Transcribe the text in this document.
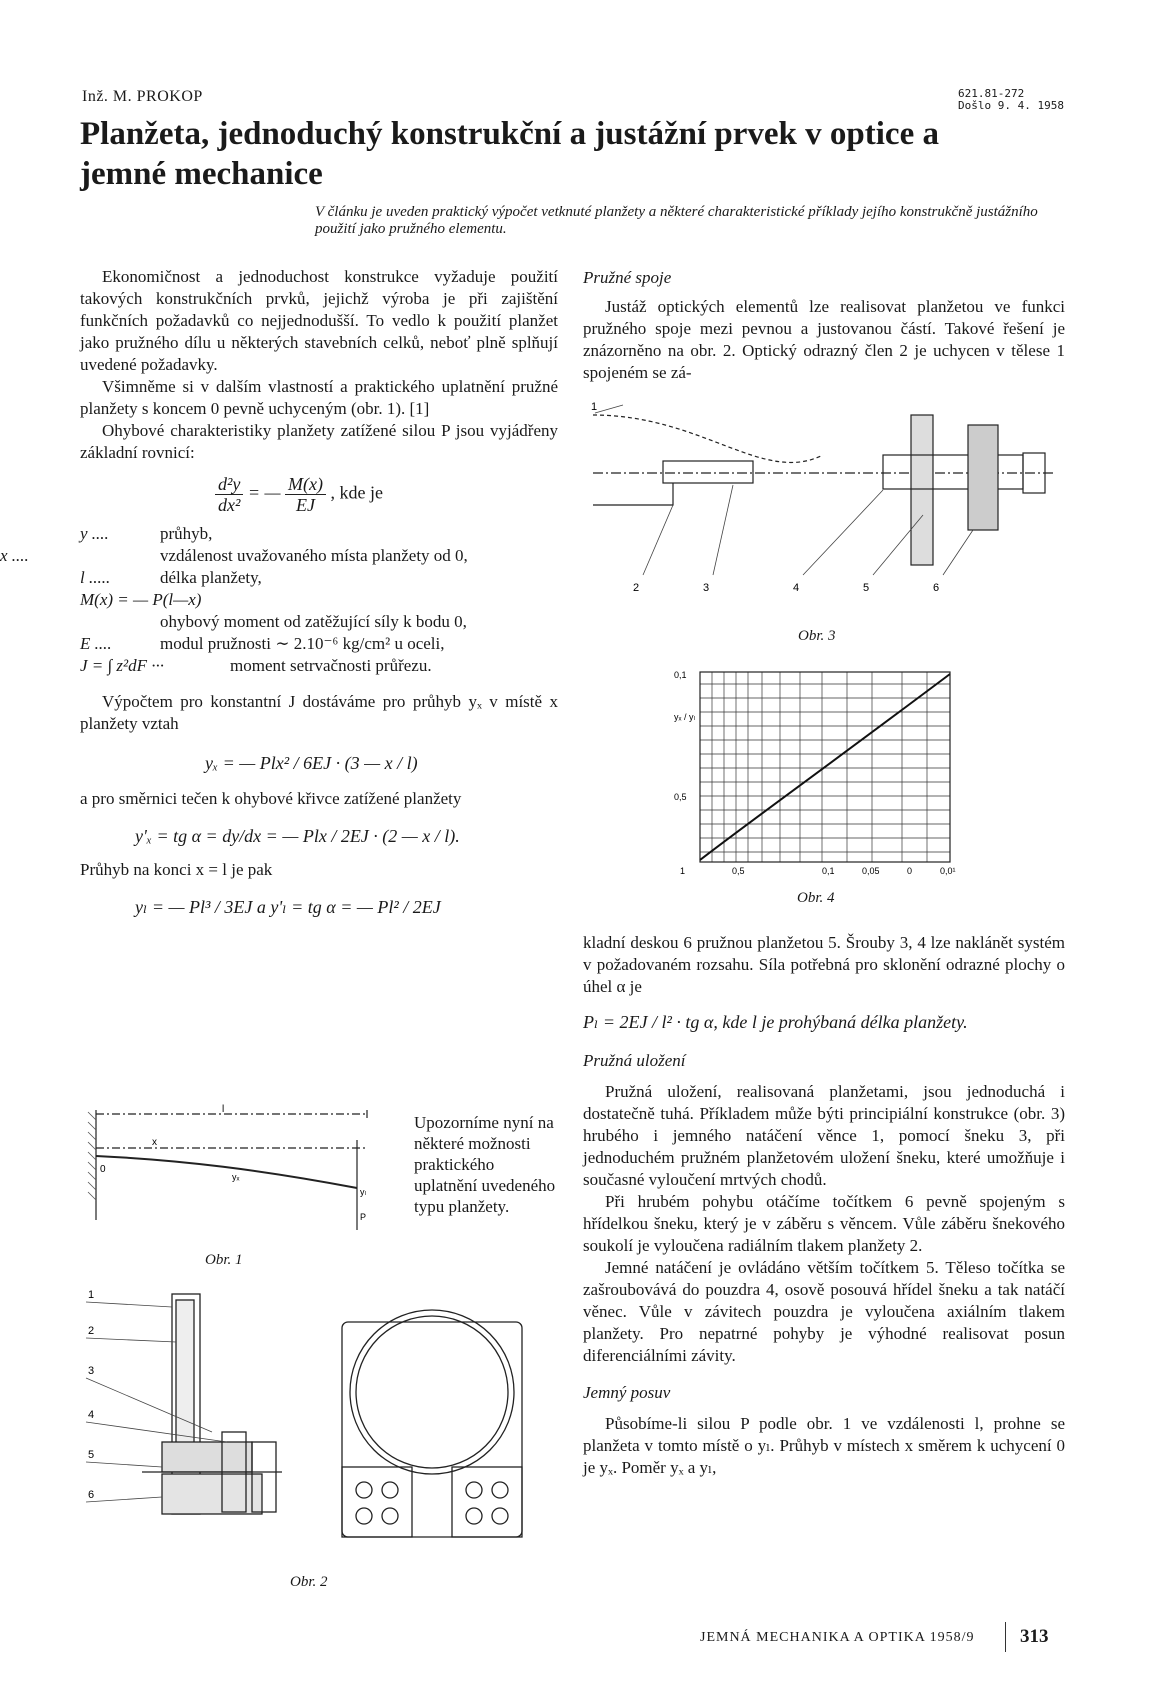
Inž. M. PROKOP	621.81-272
Došlo 9. 4. 1958
Planžeta, jednoduchý konstrukční a justážní prvek v optice a jemné mechanice
V článku je uveden praktický výpočet vetknuté planžety a některé charakteristické příklady jejího konstrukčně justážního použití jako pružného elementu.

Ekonomičnost a jednoduchost konstrukce vyžaduje použití takových konstrukčních prvků, jejichž výroba je při zajištění funkčních požadavků co nejjednodušší. To vedlo k použití planžet jako pružného dílu u některých stavebních celků, neboť plně splňují uvedené požadavky.

Všimněme si v dalším vlastností a praktického uplatnění pružné planžety s koncem 0 pevně uchyceným (obr. 1). [1]

Ohybové charakteristiky planžety zatížené silou P jsou vyjádřeny základní rovnicí:

$\frac{\text{d²y}}{\text{dx²}}$ = — $\frac{M(x)}{EJ}$ , kde je
y ....	průhyb,
x ....	vzdálenost uvažovaného místa planžety od 0,
l .....	délka planžety,
M(x) = — P(l—x)
ohybový moment od zatěžující síly k bodu 0,
E ....	modul pružnosti ∼ 2.10⁻⁶ kg/cm² u oceli,
J = ∫ z²dF ···	moment setrvačnosti průřezu.

Výpočtem pro konstantní J dostáváme pro průhyb yₓ v místě x planžety vztah

yₓ = — Plx² / 6EJ · (3 — x / l)

a pro směrnici tečen k ohybové křivce zatížené planžety

y'ₓ = tg α = dy/dx = — Plx / 2EJ · (2 — x / l).

Průhyb na konci x = l je pak

yₗ = — Pl³ / 3EJ a y'ₗ = tg α = — Pl² / 2EJ
l
x
0
yₓ
yₗ
P
Upozorníme nyní na některé možnosti praktického uplatnění uvedeného typu planžety.
Obr. 1
1
2
3
4
5
6
Obr. 2
Pružné spoje

Justáž optických elementů lze realisovat planžetou ve funkci pružného spoje mezi pevnou a justovanou částí. Takové řešení je znázorněno na obr. 2. Optický odrazný člen 2 je uchycen v tělese 1 spojeném se zá-

1
2	3	4	5	6
Obr. 3
0,1
yₓ / yₗ
0,5
1	0,5	0,1	0,05	0	0,0¹
Obr. 4

kladní deskou 6 pružnou planžetou 5. Šrouby 3, 4 lze naklánět systém v požadovaném rozsahu. Síla potřebná pro sklonění odrazné plochy o úhel α je

Pₗ = 2EJ / l² · tg α, kde l je prohýbaná délka planžety.
Pružná uložení

Pružná uložení, realisovaná planžetami, jsou jednoduchá i dostatečně tuhá. Příkladem může býti principiální konstrukce (obr. 3) hrubého i jemného natáčení věnce 1, pomocí šneku 3, při jednoduchém pružném planžetovém uložení šneku, které umožňuje i současné vyloučení mrtvých chodů.

Při hrubém pohybu otáčíme točítkem 6 pevně spojeným s hřídelkou šneku, který je v záběru s věncem. Vůle záběru šnekového soukolí je vyloučena radiálním tlakem planžety 2.

Jemné natáčení je ovládáno větším točítkem 5. Těleso točítka se zašroubovává do pouzdra 4, osově posouvá hřídel šneku a tak natáčí věnec. Vůle v závitech pouzdra je vyloučena axiálním tlakem planžety. Pro nepatrné pohyby je výhodné realisovat posun diferenciálními závity.

Jemný posuv

Působíme-li silou P podle obr. 1 ve vzdálenosti l, prohne se planžeta v tomto místě o yₗ. Průhyb v místech x směrem k uchycení 0 je yₓ. Poměr yₓ a yₗ,

JEMNÁ MECHANIKA A OPTIKA 1958/9 313
